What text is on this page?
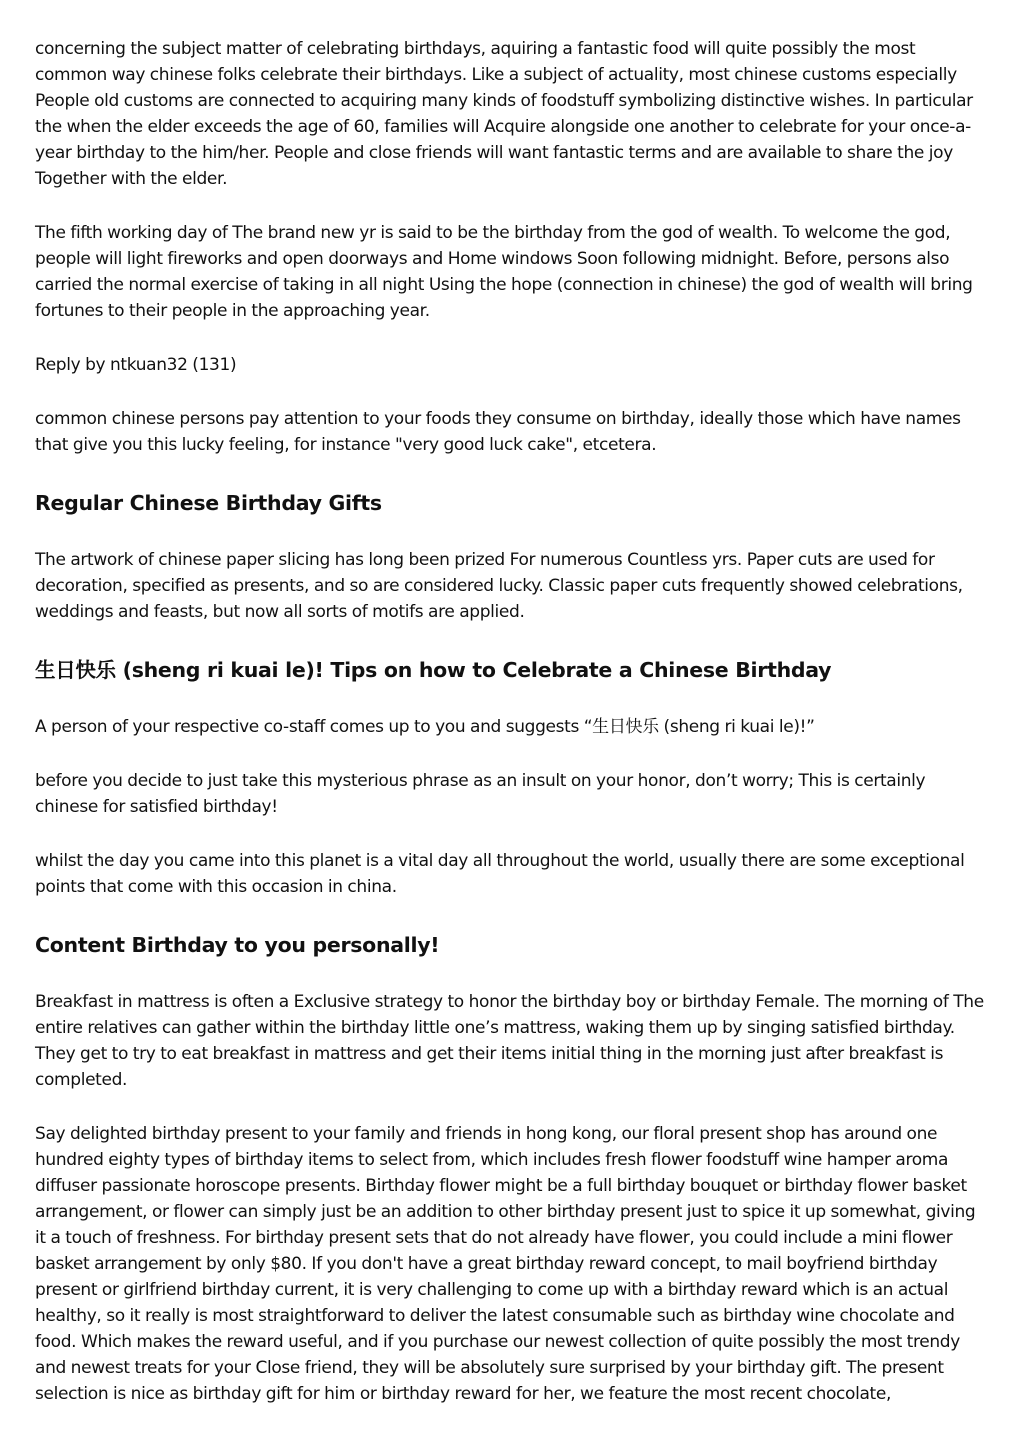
concerning the subject matter of celebrating birthdays, aquiring a fantastic food will quite possibly the most common way chinese folks celebrate their birthdays. Like a subject of actuality, most chinese customs especially People old customs are connected to acquiring many kinds of foodstuff symbolizing distinctive wishes. In particular the when the elder exceeds the age of 60, families will Acquire alongside one another to celebrate for your once-a-year birthday to the him/her. People and close friends will want fantastic terms and are available to share the joy Together with the elder.

The fifth working day of The brand new yr is said to be the birthday from the god of wealth. To welcome the god, people will light fireworks and open doorways and Home windows Soon following midnight. Before, persons also carried the normal exercise of taking in all night Using the hope (connection in chinese) the god of wealth will bring fortunes to their people in the approaching year.

Reply by ntkuan32 (131)

common chinese persons pay attention to your foods they consume on birthday, ideally those which have names that give you this lucky feeling, for instance "very good luck cake", etcetera.

Regular Chinese Birthday Gifts

The artwork of chinese paper slicing has long been prized For numerous Countless yrs. Paper cuts are used for decoration, specified as presents, and so are considered lucky. Classic paper cuts frequently showed celebrations, weddings and feasts, but now all sorts of motifs are applied.

生日快乐 (sheng ri kuai le)! Tips on how to Celebrate a Chinese Birthday

A person of your respective co-staff comes up to you and suggests “生日快乐 (sheng ri kuai le)!”

before you decide to just take this mysterious phrase as an insult on your honor, don’t worry; This is certainly chinese for satisfied birthday!

whilst the day you came into this planet is a vital day all throughout the world, usually there are some exceptional points that come with this occasion in china.

Content Birthday to you personally!

Breakfast in mattress is often a Exclusive strategy to honor the birthday boy or birthday Female. The morning of The entire relatives can gather within the birthday little one’s mattress, waking them up by singing satisfied birthday. They get to try to eat breakfast in mattress and get their items initial thing in the morning just after breakfast is completed.

Say delighted birthday present to your family and friends in hong kong, our floral present shop has around one hundred eighty types of birthday items to select from, which includes fresh flower foodstuff wine hamper aroma diffuser passionate horoscope presents. Birthday flower might be a full birthday bouquet or birthday flower basket arrangement, or flower can simply just be an addition to other birthday present just to spice it up somewhat, giving it a touch of freshness. For birthday present sets that do not already have flower, you could include a mini flower basket arrangement by only $80. If you don't have a great birthday reward concept, to mail boyfriend birthday present or girlfriend birthday current, it is very challenging to come up with a birthday reward which is an actual healthy, so it really is most straightforward to deliver the latest consumable such as birthday wine chocolate and food. Which makes the reward useful, and if you purchase our newest collection of quite possibly the most trendy and newest treats for your Close friend, they will be absolutely sure surprised by your birthday gift. The present selection is nice as birthday gift for him or birthday reward for her, we feature the most recent chocolate,
